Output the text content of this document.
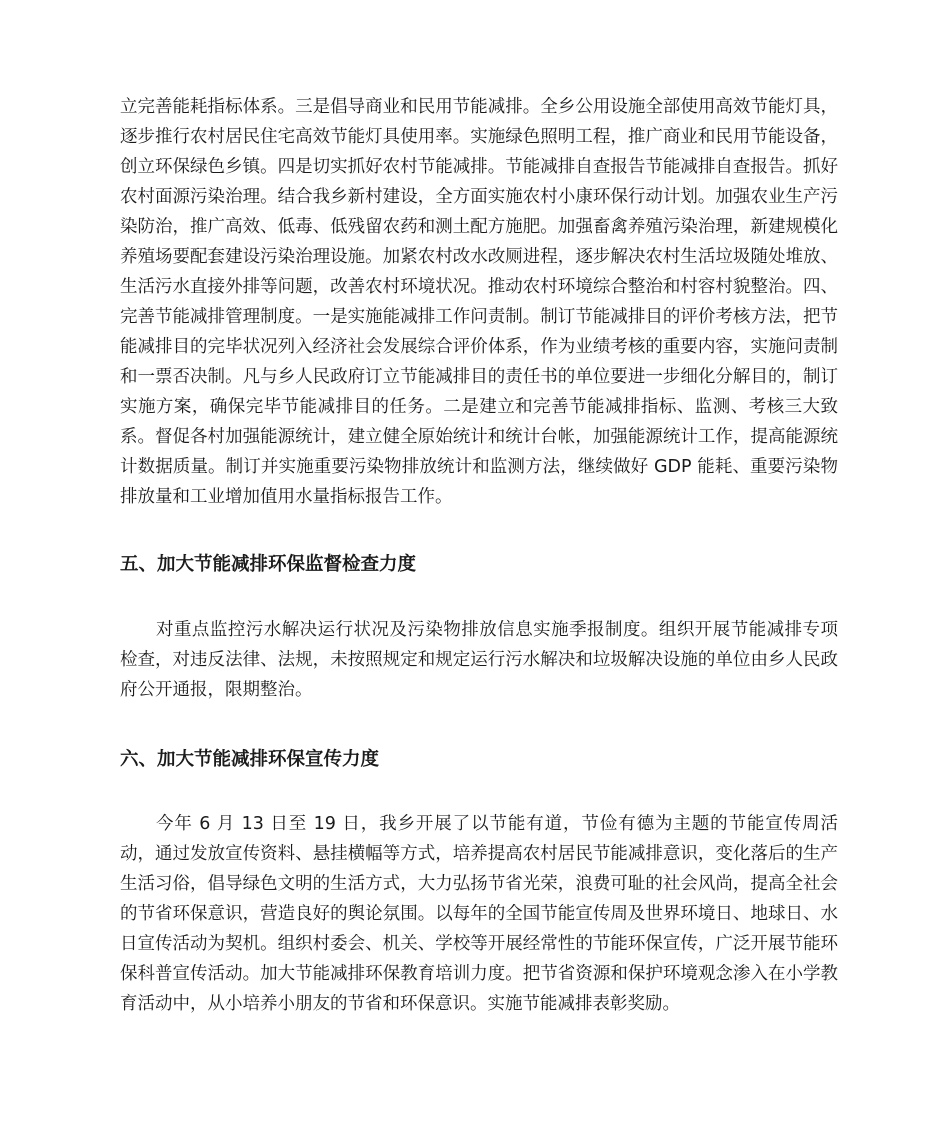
立完善能耗指标体系。三是倡导商业和民用节能减排。全乡公用设施全部使用高效节能灯具，逐步推行农村居民住宅高效节能灯具使用率。实施绿色照明工程，推广商业和民用节能设备，创立环保绿色乡镇。四是切实抓好农村节能减排。节能减排自查报告节能减排自查报告。抓好农村面源污染治理。结合我乡新村建设，全方面实施农村小康环保行动计划。加强农业生产污染防治，推广高效、低毒、低残留农药和测土配方施肥。加强畜禽养殖污染治理，新建规模化养殖场要配套建设污染治理设施。加紧农村改水改厕进程，逐步解决农村生活垃圾随处堆放、生活污水直接外排等问题，改善农村环境状况。推动农村环境综合整治和村容村貌整治。四、完善节能减排管理制度。一是实施能减排工作问责制。制订节能减排目的评价考核方法，把节能减排目的完毕状况列入经济社会发展综合评价体系，作为业绩考核的重要内容，实施问责制和一票否决制。凡与乡人民政府订立节能减排目的责任书的单位要进一步细化分解目的，制订实施方案，确保完毕节能减排目的任务。二是建立和完善节能减排指标、监测、考核三大致系。督促各村加强能源统计，建立健全原始统计和统计台帐，加强能源统计工作，提高能源统计数据质量。制订并实施重要污染物排放统计和监测方法，继续做好 GDP 能耗、重要污染物排放量和工业增加值用水量指标报告工作。

五、加大节能减排环保监督检查力度

对重点监控污水解决运行状况及污染物排放信息实施季报制度。组织开展节能减排专项检查，对违反法律、法规，未按照规定和规定运行污水解决和垃圾解决设施的单位由乡人民政府公开通报，限期整治。

六、加大节能减排环保宣传力度

今年 6 月 13 日至 19 日，我乡开展了以节能有道，节俭有德为主题的节能宣传周活动，通过发放宣传资料、悬挂横幅等方式，培养提高农村居民节能减排意识，变化落后的生产生活习俗，倡导绿色文明的生活方式，大力弘扬节省光荣，浪费可耻的社会风尚，提高全社会的节省环保意识，营造良好的舆论氛围。以每年的全国节能宣传周及世界环境日、地球日、水日宣传活动为契机。组织村委会、机关、学校等开展经常性的节能环保宣传，广泛开展节能环保科普宣传活动。加大节能减排环保教育培训力度。把节省资源和保护环境观念渗入在小学教育活动中，从小培养小朋友的节省和环保意识。实施节能减排表彰奖励。
